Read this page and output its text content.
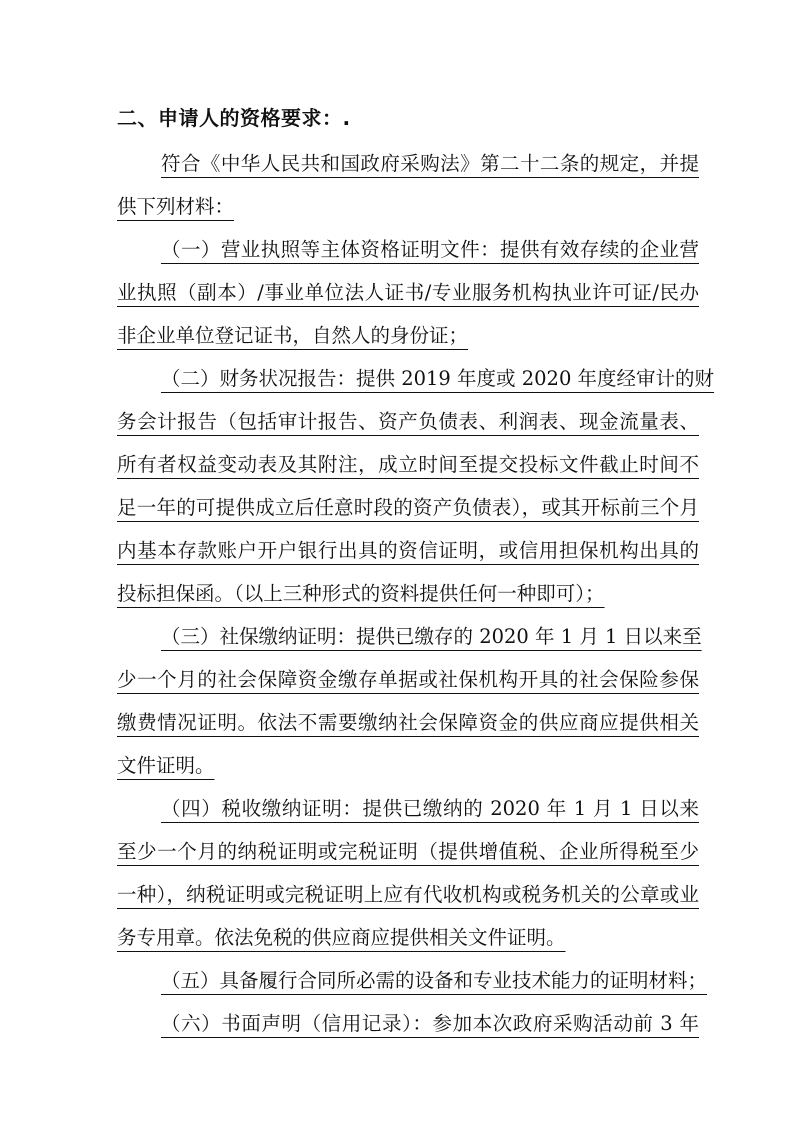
二、申请人的资格要求：.
符合《中华人民共和国政府采购法》第二十二条的规定，并提
供下列材料：
（一）营业执照等主体资格证明文件：提供有效存续的企业营
业执照（副本）/事业单位法人证书/专业服务机构执业许可证/民办
非企业单位登记证书，自然人的身份证；
（二）财务状况报告：提供 2019 年度或 2020 年度经审计的财
务会计报告（包括审计报告、资产负债表、利润表、现金流量表、
所有者权益变动表及其附注，成立时间至提交投标文件截止时间不
足一年的可提供成立后任意时段的资产负债表），或其开标前三个月
内基本存款账户开户银行出具的资信证明，或信用担保机构出具的
投标担保函。（以上三种形式的资料提供任何一种即可）；
（三）社保缴纳证明：提供已缴存的 2020 年 1 月 1 日以来至
少一个月的社会保障资金缴存单据或社保机构开具的社会保险参保
缴费情况证明。依法不需要缴纳社会保障资金的供应商应提供相关
文件证明。
（四）税收缴纳证明：提供已缴纳的 2020 年 1 月 1 日以来
至少一个月的纳税证明或完税证明（提供增值税、企业所得税至少
一种），纳税证明或完税证明上应有代收机构或税务机关的公章或业
务专用章。依法免税的供应商应提供相关文件证明。
（五）具备履行合同所必需的设备和专业技术能力的证明材料；
（六）书面声明（信用记录）：参加本次政府采购活动前 3 年
